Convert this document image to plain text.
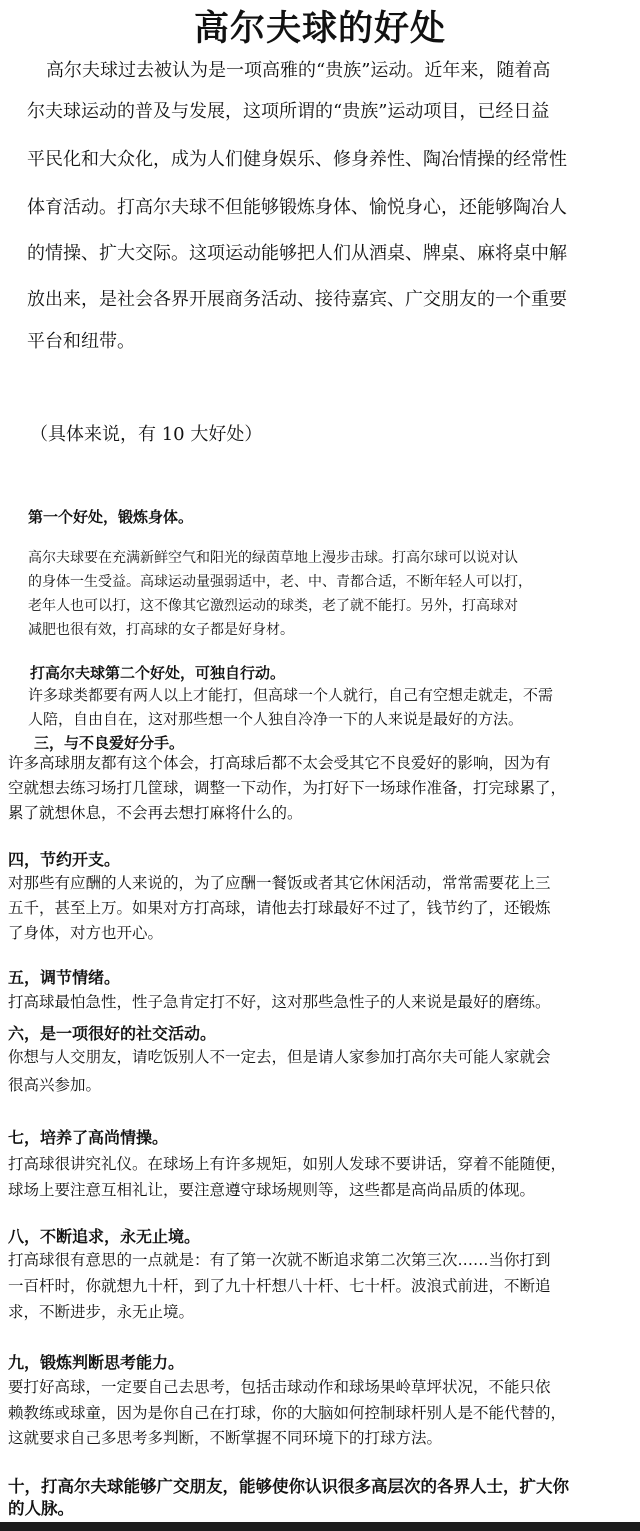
高尔夫球的好处
高尔夫球过去被认为是一项高雅的“贵族”运动。近年来，随着高
尔夫球运动的普及与发展，这项所谓的“贵族”运动项目，已经日益
平民化和大众化，成为人们健身娱乐、修身养性、陶冶情操的经常性
体育活动。打高尔夫球不但能够锻炼身体、愉悦身心，还能够陶冶人
的情操、扩大交际。这项运动能够把人们从酒桌、牌桌、麻将桌中解
放出来，是社会各界开展商务活动、接待嘉宾、广交朋友的一个重要
平台和纽带。
（具体来说，有 10 大好处）
第一个好处，锻炼身体。
高尔夫球要在充满新鲜空气和阳光的绿茵草地上漫步击球。打高尔球可以说对认
的身体一生受益。高球运动量强弱适中，老、中、青都合适，不断年轻人可以打，
老年人也可以打，这不像其它激烈运动的球类，老了就不能打。另外，打高球对
减肥也很有效，打高球的女子都是好身材。
打高尔夫球第二个好处，可独自行动。
许多球类都要有两人以上才能打，但高球一个人就行，自己有空想走就走，不需
人陪，自由自在，这对那些想一个人独自冷净一下的人来说是最好的方法。
三，与不良爱好分手。
许多高球朋友都有这个体会，打高球后都不太会受其它不良爱好的影响，因为有
空就想去练习场打几筐球，调整一下动作，为打好下一场球作准备，打完球累了，
累了就想休息，不会再去想打麻将什么的。
四，节约开支。
对那些有应酬的人来说的，为了应酬一餐饭或者其它休闲活动，常常需要花上三
五千，甚至上万。如果对方打高球，请他去打球最好不过了，钱节约了，还锻炼
了身体，对方也开心。
五，调节情绪。
打高球最怕急性，性子急肯定打不好，这对那些急性子的人来说是最好的磨练。
六，是一项很好的社交活动。
你想与人交朋友，请吃饭别人不一定去，但是请人家参加打高尔夫可能人家就会
很高兴参加。
七，培养了高尚情操。
打高球很讲究礼仪。在球场上有许多规矩，如别人发球不要讲话，穿着不能随便，
球场上要注意互相礼让，要注意遵守球场规则等，这些都是高尚品质的体现。
八，不断追求，永无止境。
打高球很有意思的一点就是：有了第一次就不断追求第二次第三次……当你打到
一百杆时，你就想九十杆，到了九十杆想八十杆、七十杆。波浪式前进，不断追
求，不断进步，永无止境。
九，锻炼判断思考能力。
要打好高球，一定要自己去思考，包括击球动作和球场果岭草坪状况，不能只依
赖教练或球童，因为是你自己在打球，你的大脑如何控制球杆别人是不能代替的，
这就要求自己多思考多判断，不断掌握不同环境下的打球方法。
十，打高尔夫球能够广交朋友，能够使你认识很多高层次的各界人士，扩大你
的人脉。
